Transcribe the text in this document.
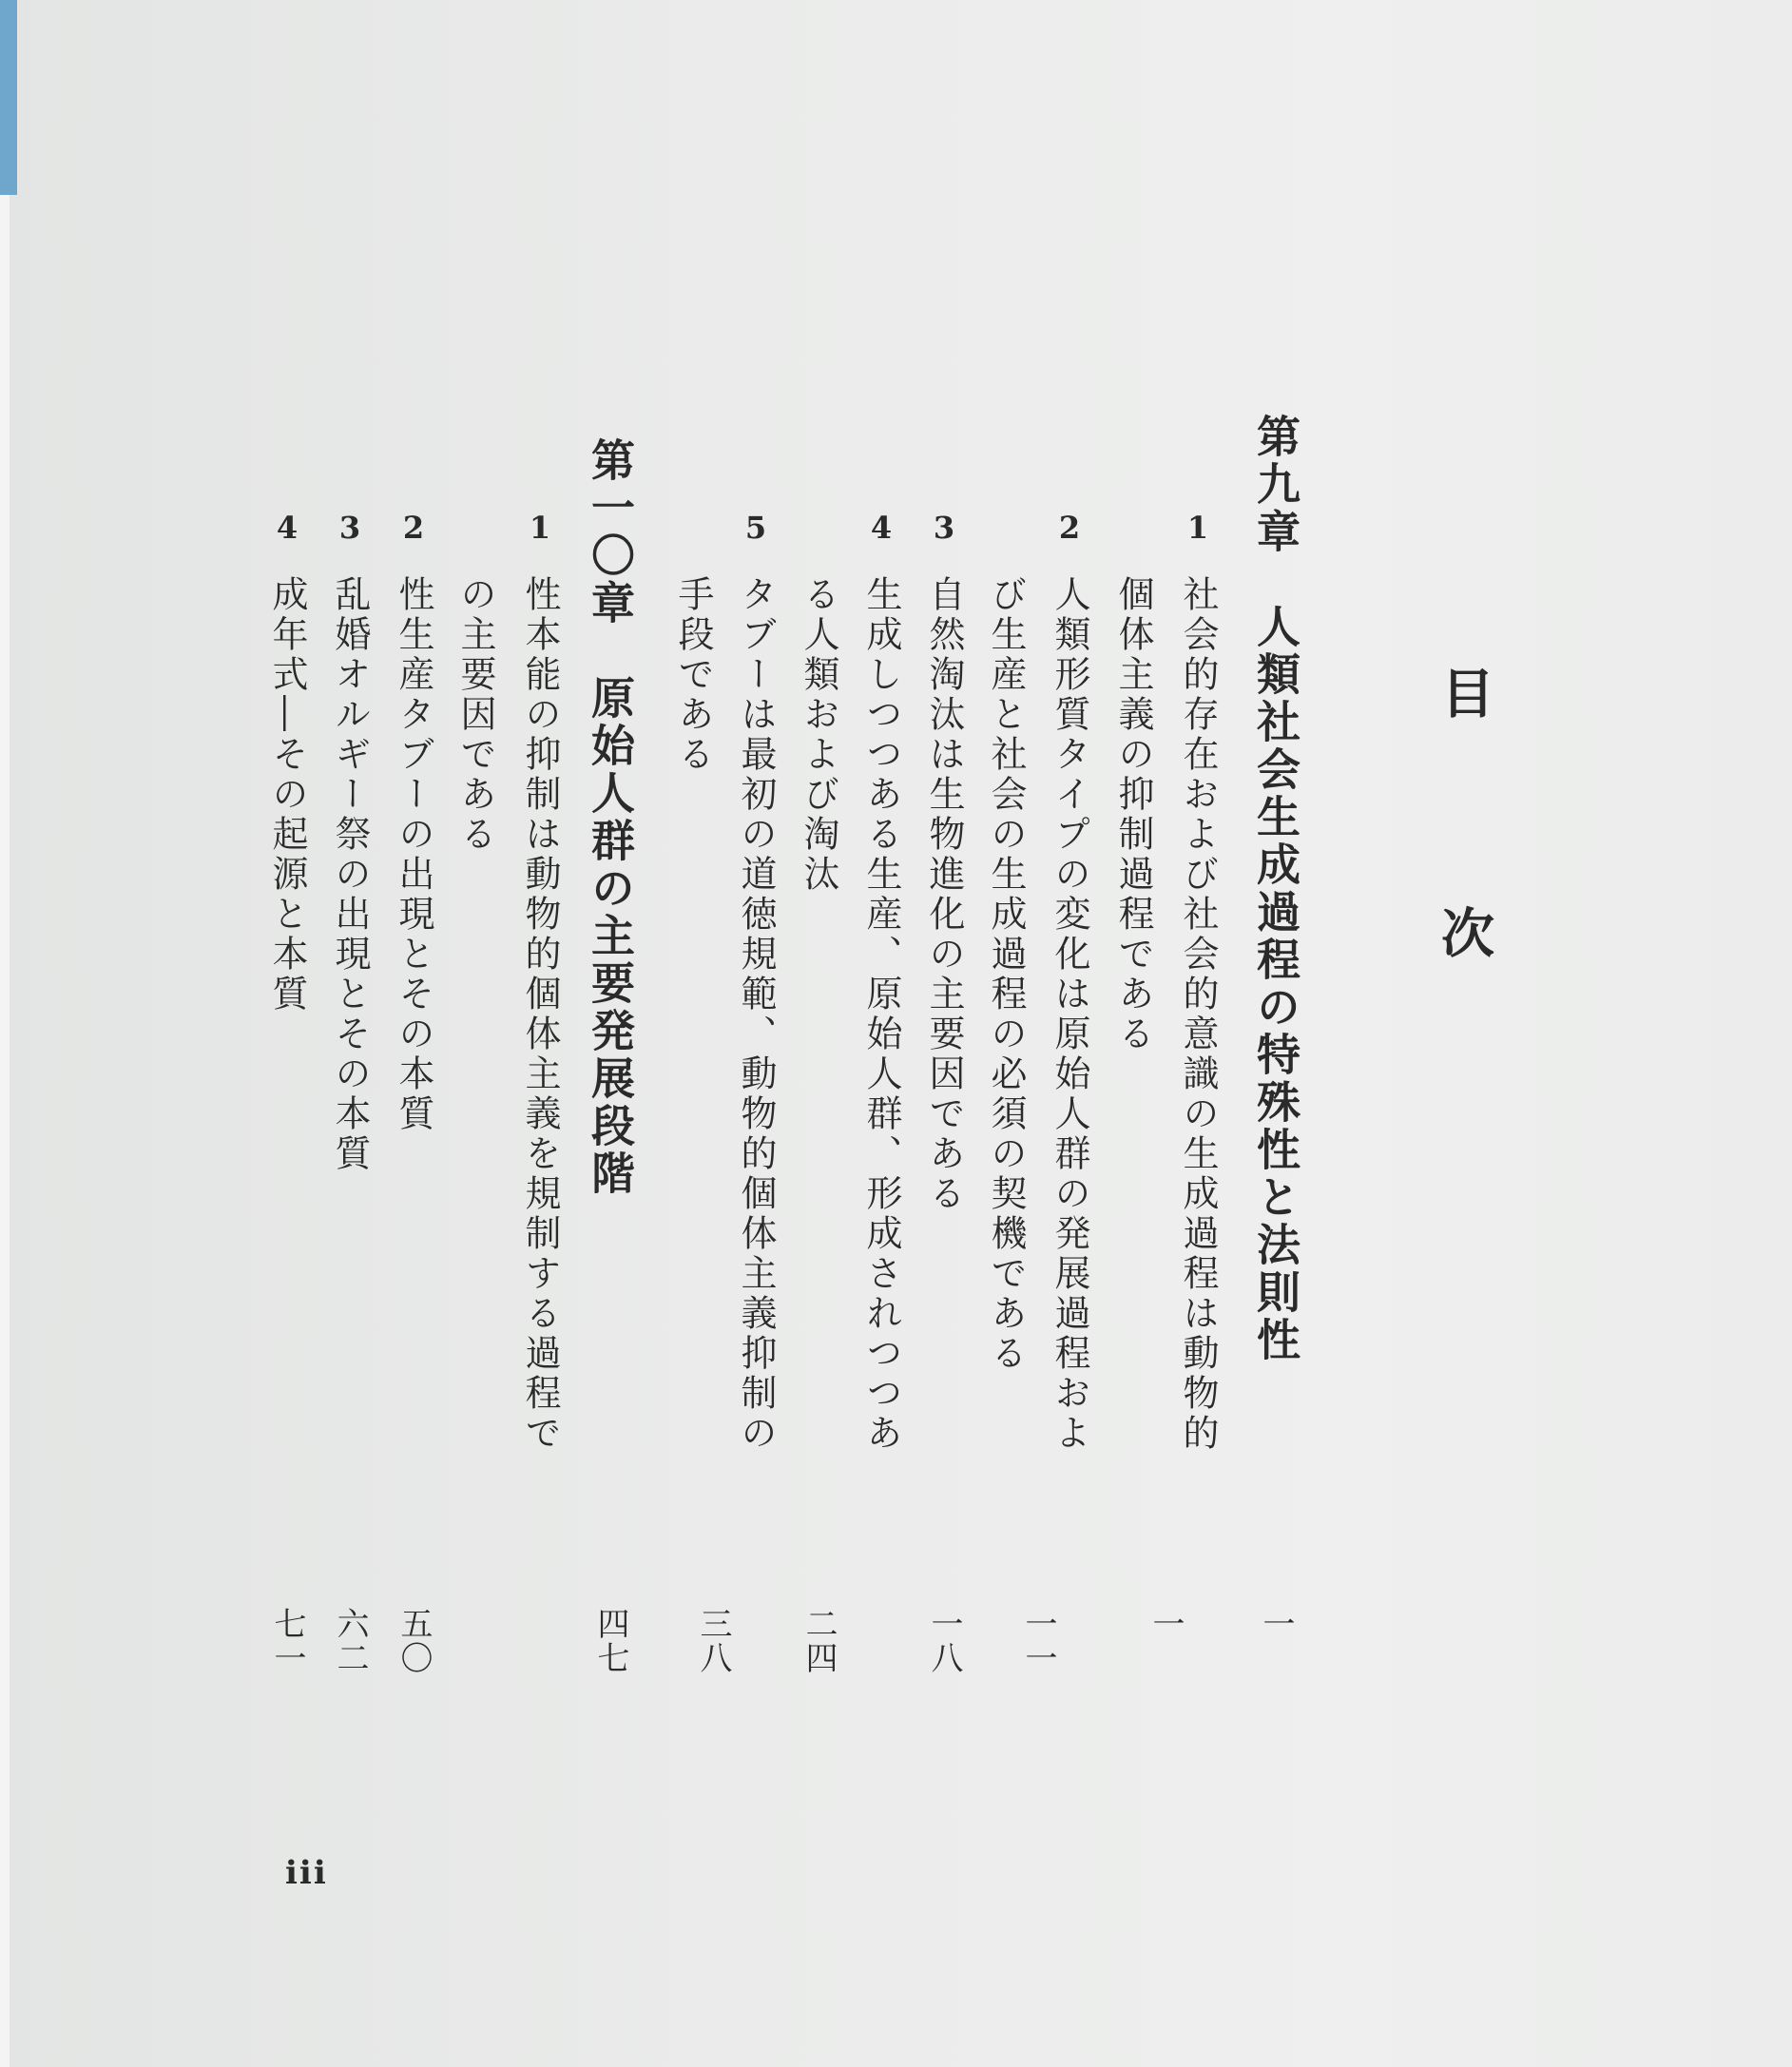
目　次
第九章　人類社会生成過程の特殊性と法則性
一
1
社会的存在および社会的意識の生成過程は動物的
個体主義の抑制過程である
一
2
人類形質タイプの変化は原始人群の発展過程およ
び生産と社会の生成過程の必須の契機である
一一
3
自然淘汰は生物進化の主要因である
一八
4
生成しつつある生産、原始人群、形成されつつあ
る人類および淘汰
二四
5
タブーは最初の道徳規範、動物的個体主義抑制の
手段である
三八
第一〇章　原始人群の主要発展段階
1
性本能の抑制は動物的個体主義を規制する過程で
の主要因である
四七
2
性生産タブーの出現とその本質
五〇
3
乱婚オルギー祭の出現とその本質
六二
4
成年式―その起源と本質
七一
iii
